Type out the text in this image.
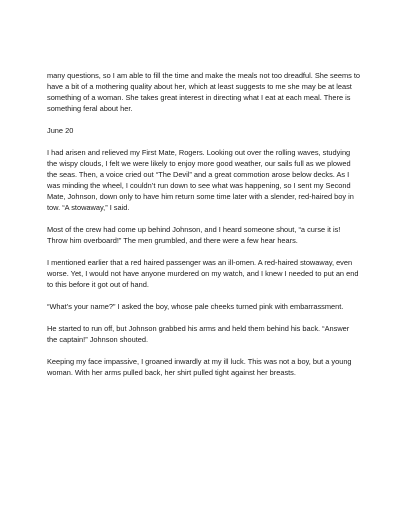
many questions, so I am able to fill the time and make the meals not too dreadful. She seems to have a bit of a mothering quality about her, which at least suggests to me she may be at least something of a woman. She takes great interest in directing what I eat at each meal. There is something feral about her.

June 20

I had arisen and relieved my First Mate, Rogers. Looking out over the rolling waves, studying the wispy clouds, I felt we were likely to enjoy more good weather, our sails full as we plowed the seas. Then, a voice cried out “The Devil” and a great commotion arose below decks. As I was minding the wheel, I couldn’t run down to see what was happening, so I sent my Second Mate, Johnson, down only to have him return some time later with a slender, red-haired boy in tow. “A stowaway,” I said.

Most of the crew had come up behind Johnson, and I heard someone shout, “a curse it is! Throw him overboard!” The men grumbled, and there were a few hear hears.

I mentioned earlier that a red haired passenger was an ill-omen. A red-haired stowaway, even worse. Yet, I would not have anyone murdered on my watch, and I knew I needed to put an end to this before it got out of hand.

“What’s your name?” I asked the boy, whose pale cheeks turned pink with embarrassment.

He started to run off, but Johnson grabbed his arms and held them behind his back. “Answer the captain!” Johnson shouted.

Keeping my face impassive, I groaned inwardly at my ill luck. This was not a boy, but a young woman. With her arms pulled back, her shirt pulled tight against her breasts.
